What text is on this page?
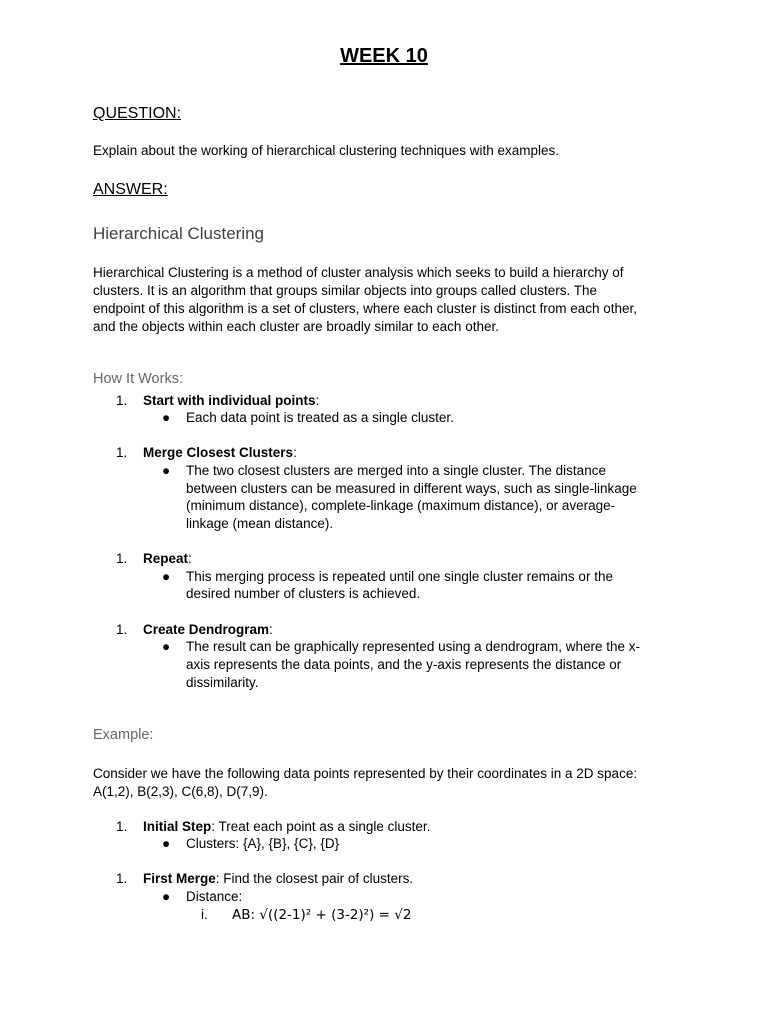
WEEK 10
QUESTION:
Explain about the working of hierarchical clustering techniques with examples.
ANSWER:
Hierarchical Clustering
Hierarchical Clustering is a method of cluster analysis which seeks to build a hierarchy of
clusters. It is an algorithm that groups similar objects into groups called clusters. The
endpoint of this algorithm is a set of clusters, where each cluster is distinct from each other,
and the objects within each cluster are broadly similar to each other.
How It Works:
1. Start with individual points:
● Each data point is treated as a single cluster.
1. Merge Closest Clusters:
● The two closest clusters are merged into a single cluster. The distance
between clusters can be measured in different ways, such as single-linkage
(minimum distance), complete-linkage (maximum distance), or average-
linkage (mean distance).
1. Repeat:
● This merging process is repeated until one single cluster remains or the
desired number of clusters is achieved.
1. Create Dendrogram:
● The result can be graphically represented using a dendrogram, where the x-
axis represents the data points, and the y-axis represents the distance or
dissimilarity.
Example:
Consider we have the following data points represented by their coordinates in a 2D space:
A(1,2), B(2,3), C(6,8), D(7,9).
1. Initial Step: Treat each point as a single cluster.
● Clusters: {A}, {B}, {C}, {D}
1. First Merge: Find the closest pair of clusters.
● Distance:
i. AB: √((2-1)² + (3-2)²) = √2
